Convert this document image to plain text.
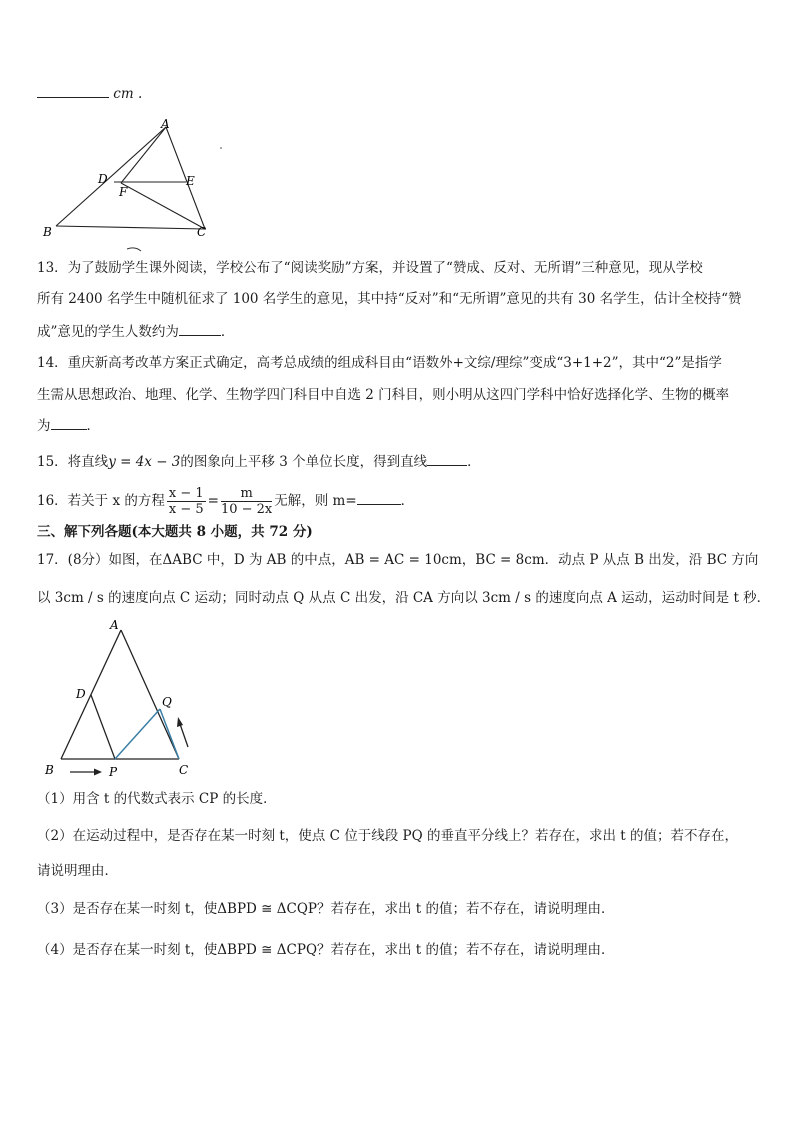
cm .
A
D
F
E
B	C
13．为了鼓励学生课外阅读，学校公布了“阅读奖励”方案，并设置了“赞成、反对、无所谓”三种意见，现从学校
所有 2400 名学生中随机征求了 100 名学生的意见，其中持“反对”和“无所谓”意见的共有 30 名学生，估计全校持“赞
成”意见的学生人数约为	．
14．重庆新高考改革方案正式确定，高考总成绩的组成科目由“语数外+文综/理综”变成“3+1+2”，其中“2”是指学
生需从思想政治、地理、化学、生物学四门科目中自选 2 门科目，则小明从这四门学科中恰好选择化学、生物的概率
为	．
15．将直线y = 4x − 3的图象向上平移 3 个单位长度，得到直线	．
16．若关于 x 的方程 $\frac{x - 1}{x - 5} = \frac{m}{10 - 2x}$ 无解，则 m=	．
三、解下列各题(本大题共 8 小题，共 72 分)
17．(8分）如图，在ΔABC 中，D 为 AB 的中点，AB = AC = 10cm，BC = 8cm．动点 P 从点 B 出发，沿 BC 方向
以 3cm / s 的速度向点 C 运动；同时动点 Q 从点 C 出发，沿 CA 方向以 3cm / s 的速度向点 A 运动，运动时间是 t 秒．
A
D
Q
B	P	C
（1）用含 t 的代数式表示 CP 的长度．
（2）在运动过程中，是否存在某一时刻 t，使点 C 位于线段 PQ 的垂直平分线上？若存在，求出 t 的值；若不存在，
请说明理由．
（3）是否存在某一时刻 t，使ΔBPD ≅ ΔCQP？若存在，求出 t 的值；若不存在，请说明理由．
（4）是否存在某一时刻 t，使ΔBPD ≅ ΔCPQ？若存在，求出 t 的值；若不存在，请说明理由．
